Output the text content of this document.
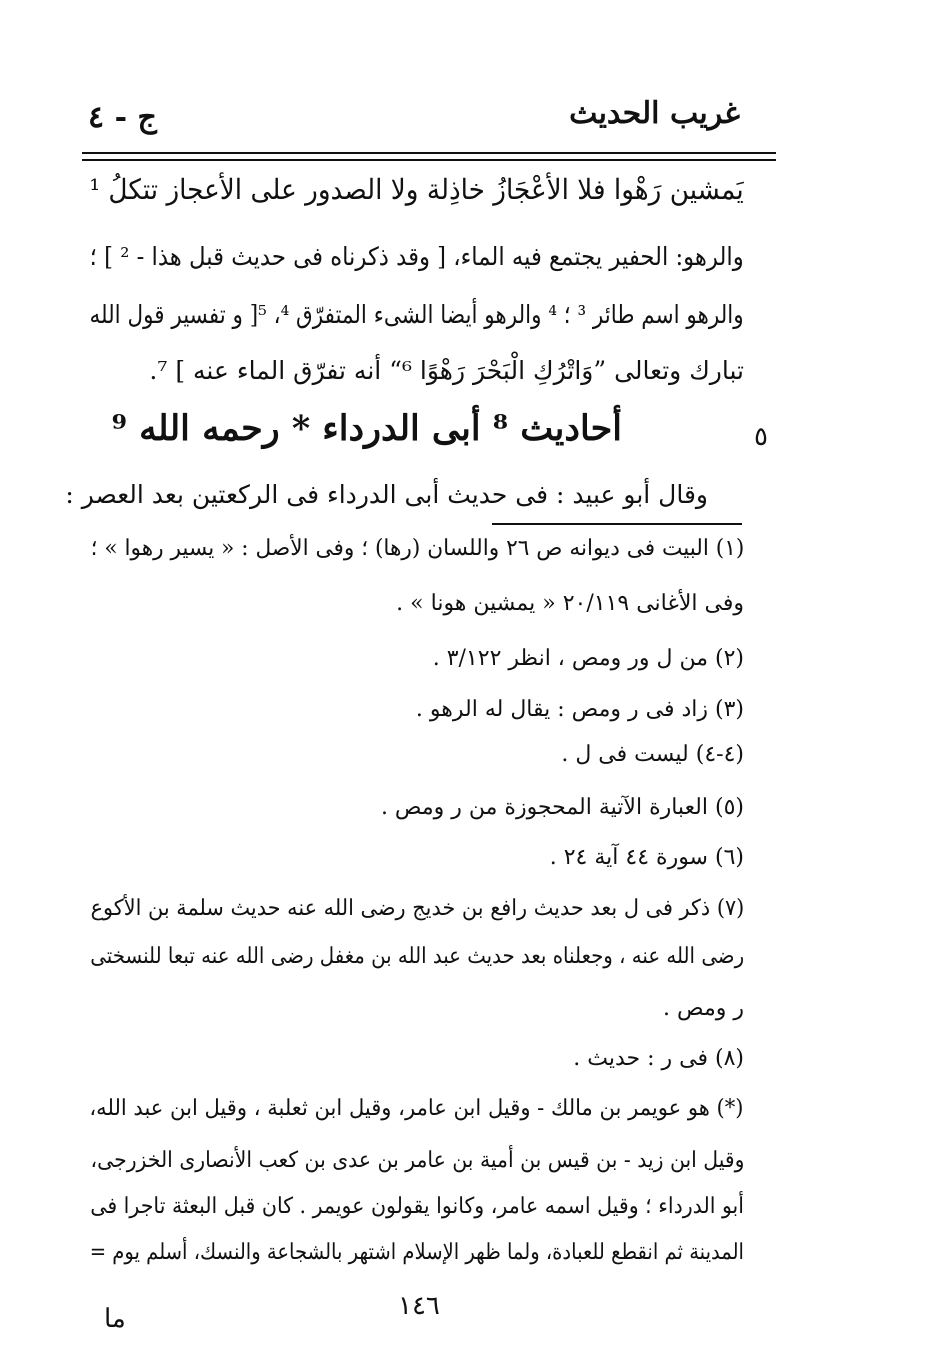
غريب الحديث
ج - ٤
يَمشين رَهْوا فلا الأعْجَازُ خاذِلة ولا الصدور على الأعجاز تتكلُ ¹
والرهو: الحفير يجتمع فيه الماء، [ وقد ذكرناه فى حديث قبل هذا - ² ] ؛
والرهو اسم طائر ³ ؛ ⁴ والرهو أيضا الشىء المتفرّق ⁴، ⁵[ و تفسير قول الله
تبارك وتعالى ”وَاتْرُكِ الْبَحْرَ رَهْوًا ⁶“ أنه تفرّق الماء عنه ] ⁷.
أحاديث ⁸ أبى الدرداء * رحمه الله ⁹	٥
وقال أبو عبيد : فى حديث أبى الدرداء فى الركعتين بعد العصر :
(١) البيت فى ديوانه ص ٢٦ واللسان (رها) ؛ وفى الأصل : « يسير رهوا » ؛
وفى الأغانى ٢٠/١١٩ « يمشين هونا » .
(٢) من ل ور ومص ، انظر ٣/١٢٢ .
(٣) زاد فى ر ومص : يقال له الرهو .
(٤-٤) ليست فى ل .
(٥) العبارة الآتية المحجوزة من ر ومص .
(٦) سورة ٤٤ آية ٢٤ .
(٧) ذكر فى ل بعد حديث رافع بن خديج رضى الله عنه حديث سلمة بن الأكوع
رضى الله عنه ، وجعلناه بعد حديث عبد الله بن مغفل رضى الله عنه تبعا للنسختى
ر ومص .
(٨) فى ر : حديث .
(*) هو عويمر بن مالك - وقيل ابن عامر، وقيل ابن ثعلبة ، وقيل ابن عبد الله،
وقيل ابن زيد - بن قيس بن أمية بن عامر بن عدى بن كعب الأنصارى الخزرجى،
أبو الدرداء ؛ وقيل اسمه عامر، وكانوا يقولون عويمر . كان قبل البعثة تاجرا فى
المدينة ثم انقطع للعبادة، ولما ظهر الإسلام اشتهر بالشجاعة والنسك، أسلم يوم =
١٤٦
ما
